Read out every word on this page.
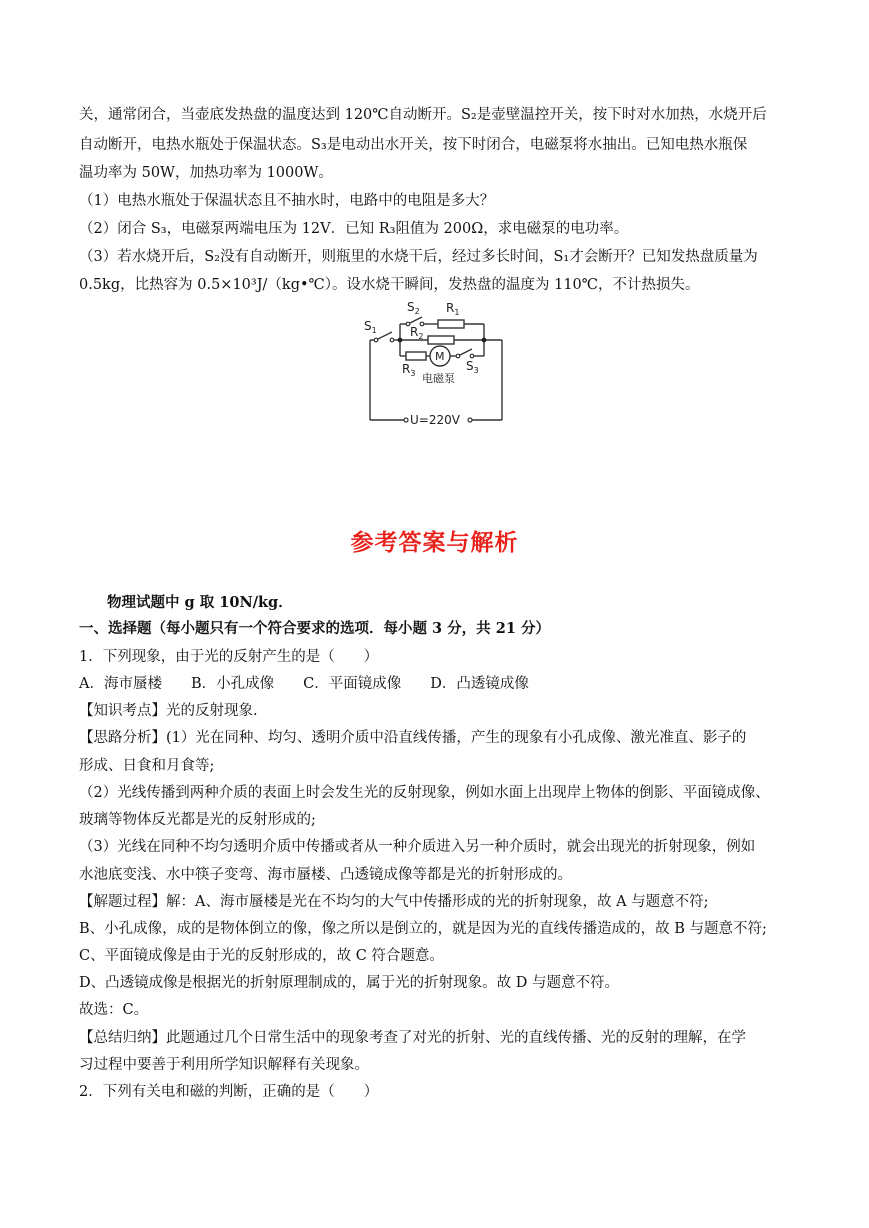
关，通常闭合，当壶底发热盘的温度达到 120℃自动断开。S₂是壶壁温控开关，按下时对水加热，水烧开后
自动断开，电热水瓶处于保温状态。S₃是电动出水开关，按下时闭合，电磁泵将水抽出。已知电热水瓶保
温功率为 50W，加热功率为 1000W。
（1）电热水瓶处于保温状态且不抽水时，电路中的电阻是多大？
（2）闭合 S₃，电磁泵两端电压为 12V．已知 R₃阻值为 200Ω，求电磁泵的电功率。
（3）若水烧开后，S₂没有自动断开，则瓶里的水烧干后，经过多长时间，S₁才会断开？已知发热盘质量为
0.5kg，比热容为 0.5×10³J/（kg•℃）。设水烧干瞬间，发热盘的温度为 110℃，不计热损失。
$S_1$
$S_2$ $R_1$
$R_2$
$R_3$
M
$S_3$
电磁泵
U=220V
参考答案与解析
物理试题中 g 取 10N/kg．
一、选择题（每小题只有一个符合要求的选项．每小题 3 分，共 21 分）
1．下列现象，由于光的反射产生的是（　　）
A．海市蜃楼　　B．小孔成像　　C．平面镜成像　　D．凸透镜成像
【知识考点】光的反射现象.
【思路分析】(1）光在同种、均匀、透明介质中沿直线传播，产生的现象有小孔成像、激光准直、影子的
形成、日食和月食等;
（2）光线传播到两种介质的表面上时会发生光的反射现象，例如水面上出现岸上物体的倒影、平面镜成像、
玻璃等物体反光都是光的反射形成的;
（3）光线在同种不均匀透明介质中传播或者从一种介质进入另一种介质时，就会出现光的折射现象，例如
水池底变浅、水中筷子变弯、海市蜃楼、凸透镜成像等都是光的折射形成的。
【解题过程】解：A、海市蜃楼是光在不均匀的大气中传播形成的光的折射现象，故 A 与题意不符;
B、小孔成像，成的是物体倒立的像，像之所以是倒立的，就是因为光的直线传播造成的，故 B 与题意不符;
C、平面镜成像是由于光的反射形成的，故 C 符合题意。
D、凸透镜成像是根据光的折射原理制成的，属于光的折射现象。故 D 与题意不符。
故选：C。
【总结归纳】此题通过几个日常生活中的现象考查了对光的折射、光的直线传播、光的反射的理解，在学
习过程中要善于利用所学知识解释有关现象。
2．下列有关电和磁的判断，正确的是（　　）
